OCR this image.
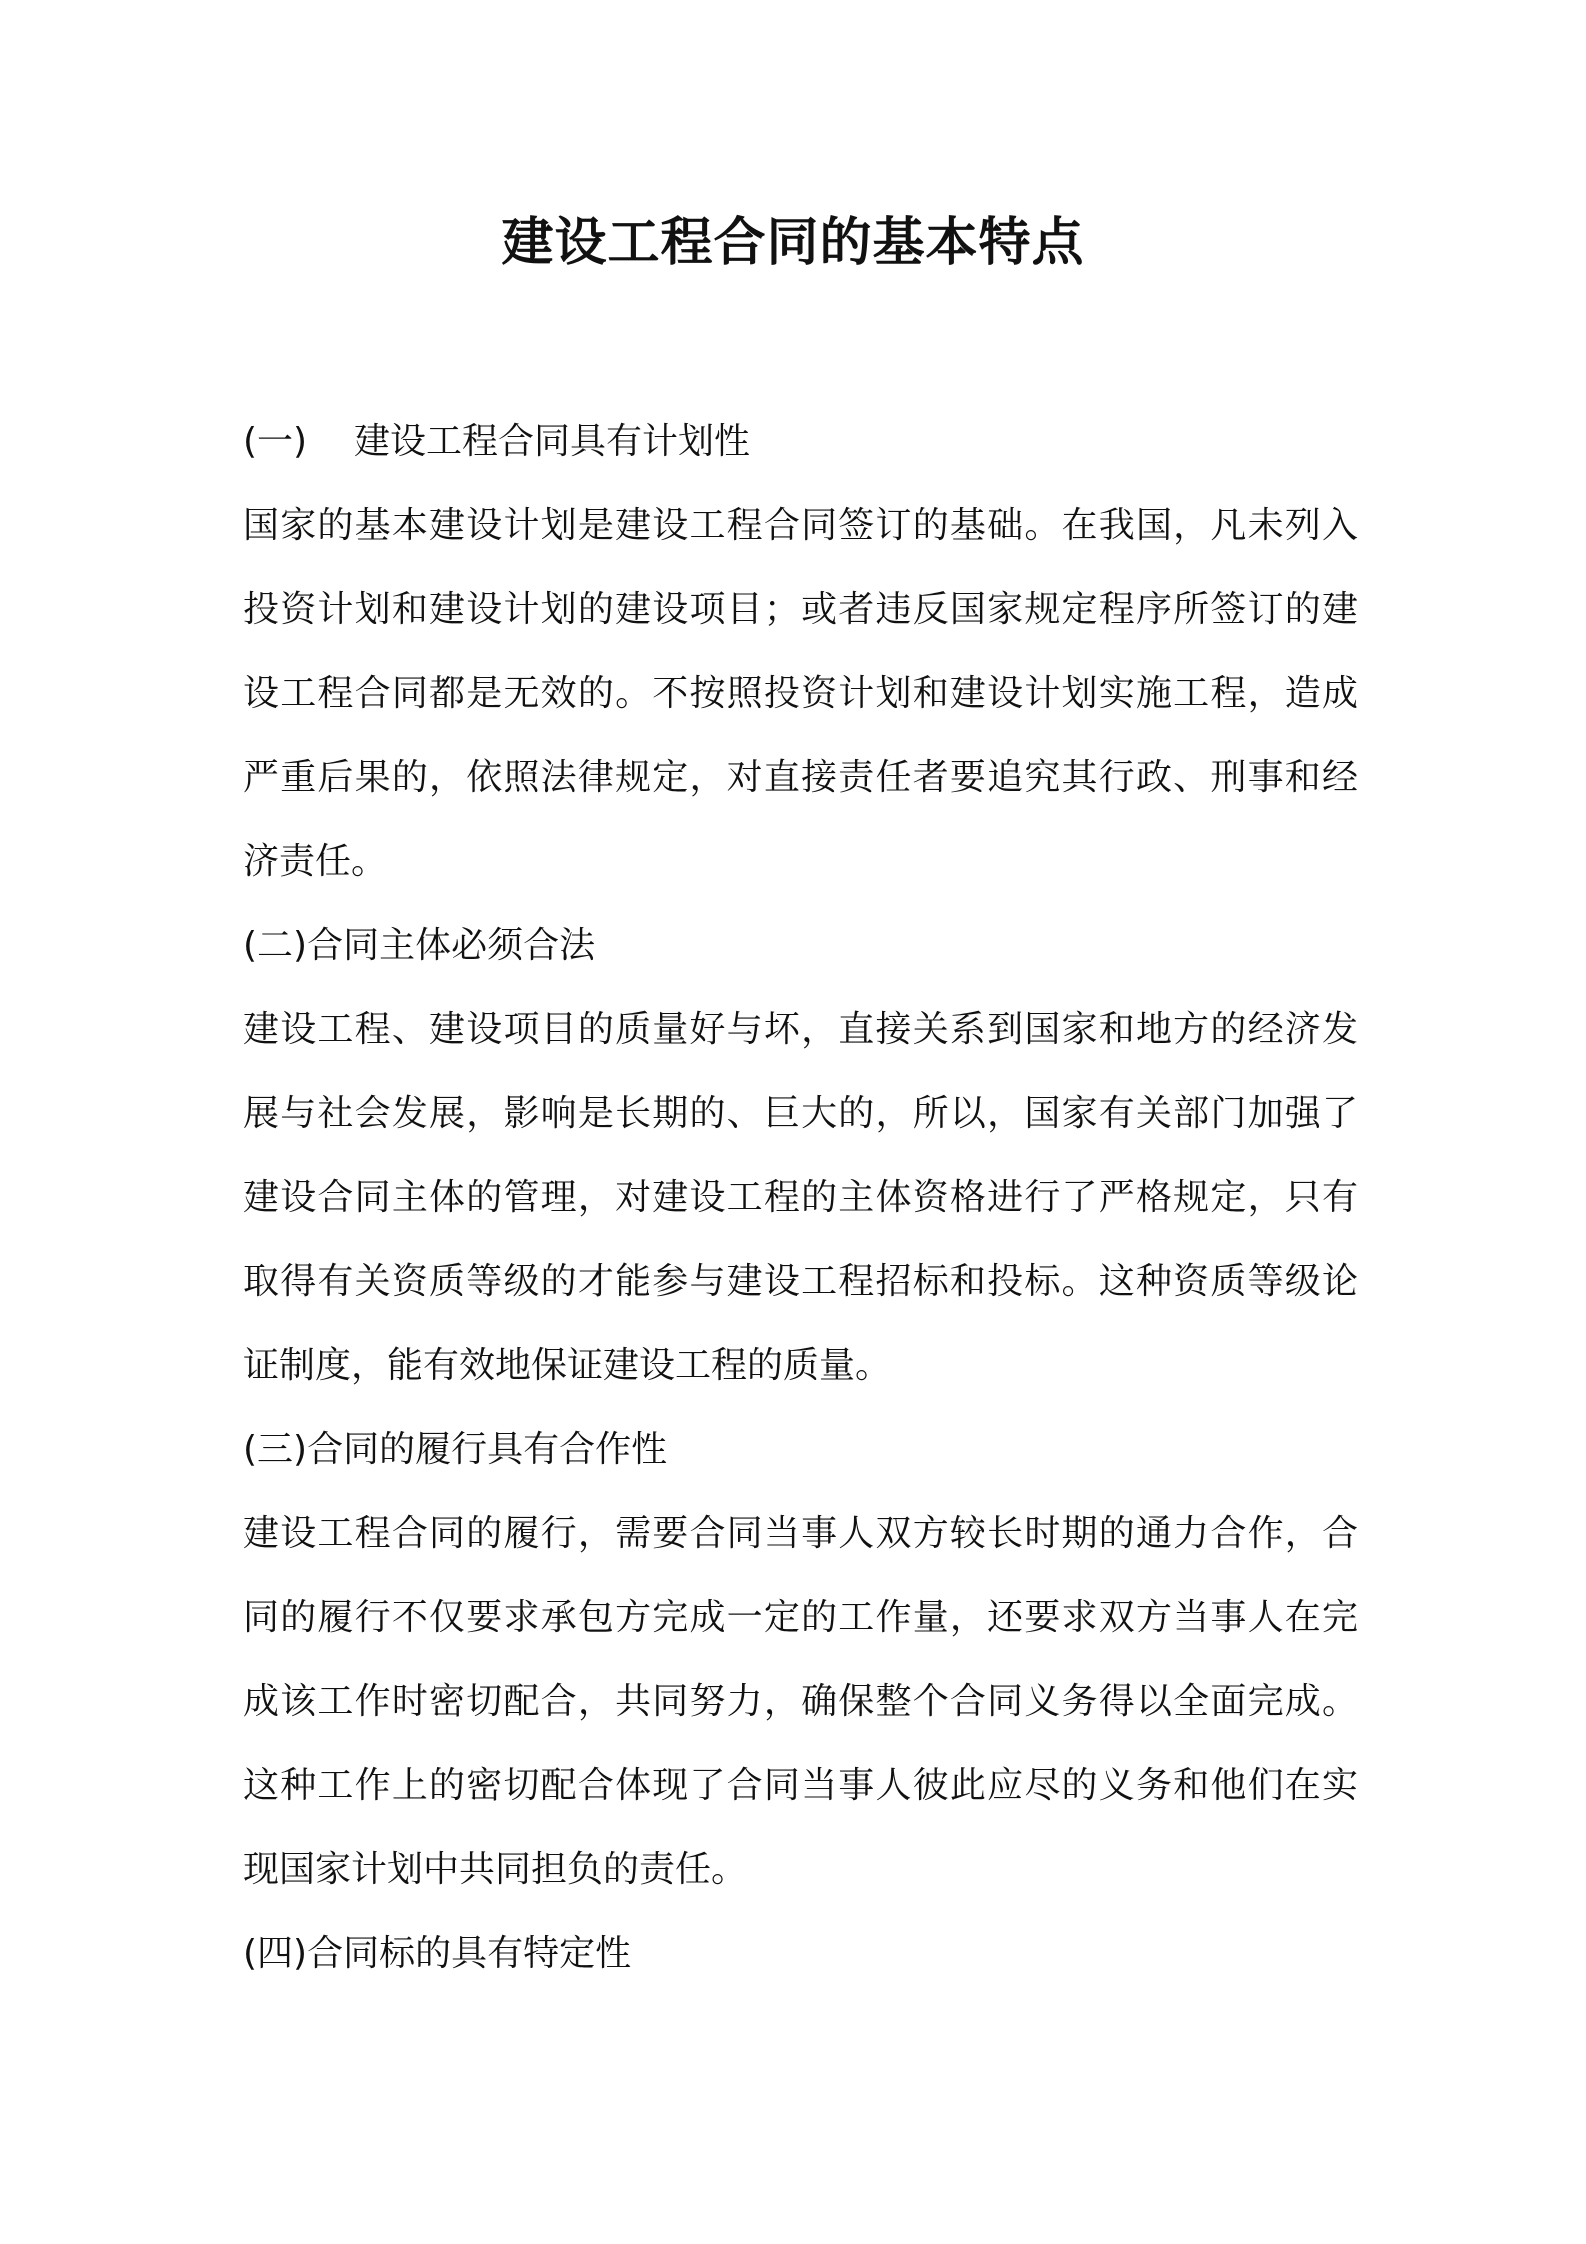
建设工程合同的基本特点
(一) 建设工程合同具有计划性

国家的基本建设计划是建设工程合同签订的基础。在我国，凡未列入投资计划和建设计划的建设项目；或者违反国家规定程序所签订的建设工程合同都是无效的。不按照投资计划和建设计划实施工程，造成严重后果的，依照法律规定，对直接责任者要追究其行政、刑事和经济责任。

(二)合同主体必须合法

建设工程、建设项目的质量好与坏，直接关系到国家和地方的经济发展与社会发展，影响是长期的、巨大的，所以，国家有关部门加强了建设合同主体的管理，对建设工程的主体资格进行了严格规定，只有取得有关资质等级的才能参与建设工程招标和投标。这种资质等级论证制度，能有效地保证建设工程的质量。

(三)合同的履行具有合作性

建设工程合同的履行，需要合同当事人双方较长时期的通力合作，合同的履行不仅要求承包方完成一定的工作量，还要求双方当事人在完成该工作时密切配合，共同努力，确保整个合同义务得以全面完成。这种工作上的密切配合体现了合同当事人彼此应尽的义务和他们在实现国家计划中共同担负的责任。

(四)合同标的具有特定性
